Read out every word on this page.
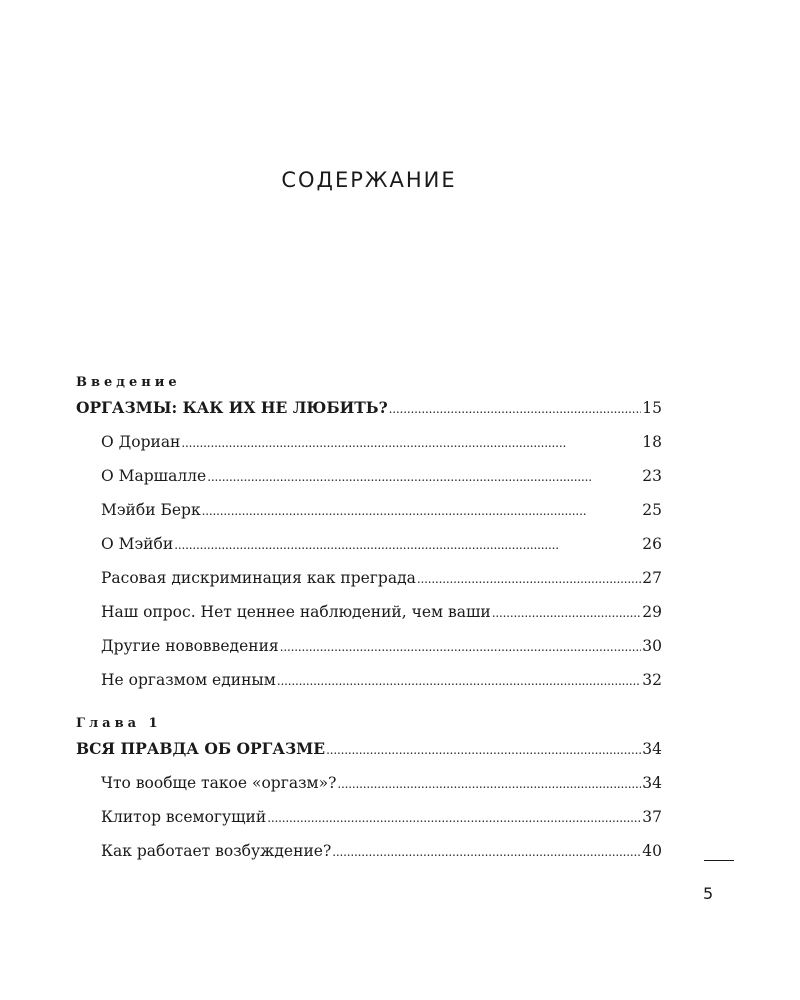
СОДЕРЖАНИЕ
Введение
ОРГАЗМЫ: КАК ИХ НЕ ЛЮБИТЬ? . . .	15
О Дориан . . .	18
О Маршалле . . .	23
Мэйби Берк . . .	25
О Мэйби . . .	26
Расовая дискриминация как преграда . . .	27
Наш опрос. Нет ценнее наблюдений, чем ваши . . .	29
Другие нововведения . . .	30
Не оргазмом единым . . .	32
Глава 1
ВСЯ ПРАВДА ОБ ОРГАЗМЕ . . .	34
Что вообще такое «оргазм»? . . .	34
Клитор всемогущий . . .	37
Как работает возбуждение? . . .	40
5
